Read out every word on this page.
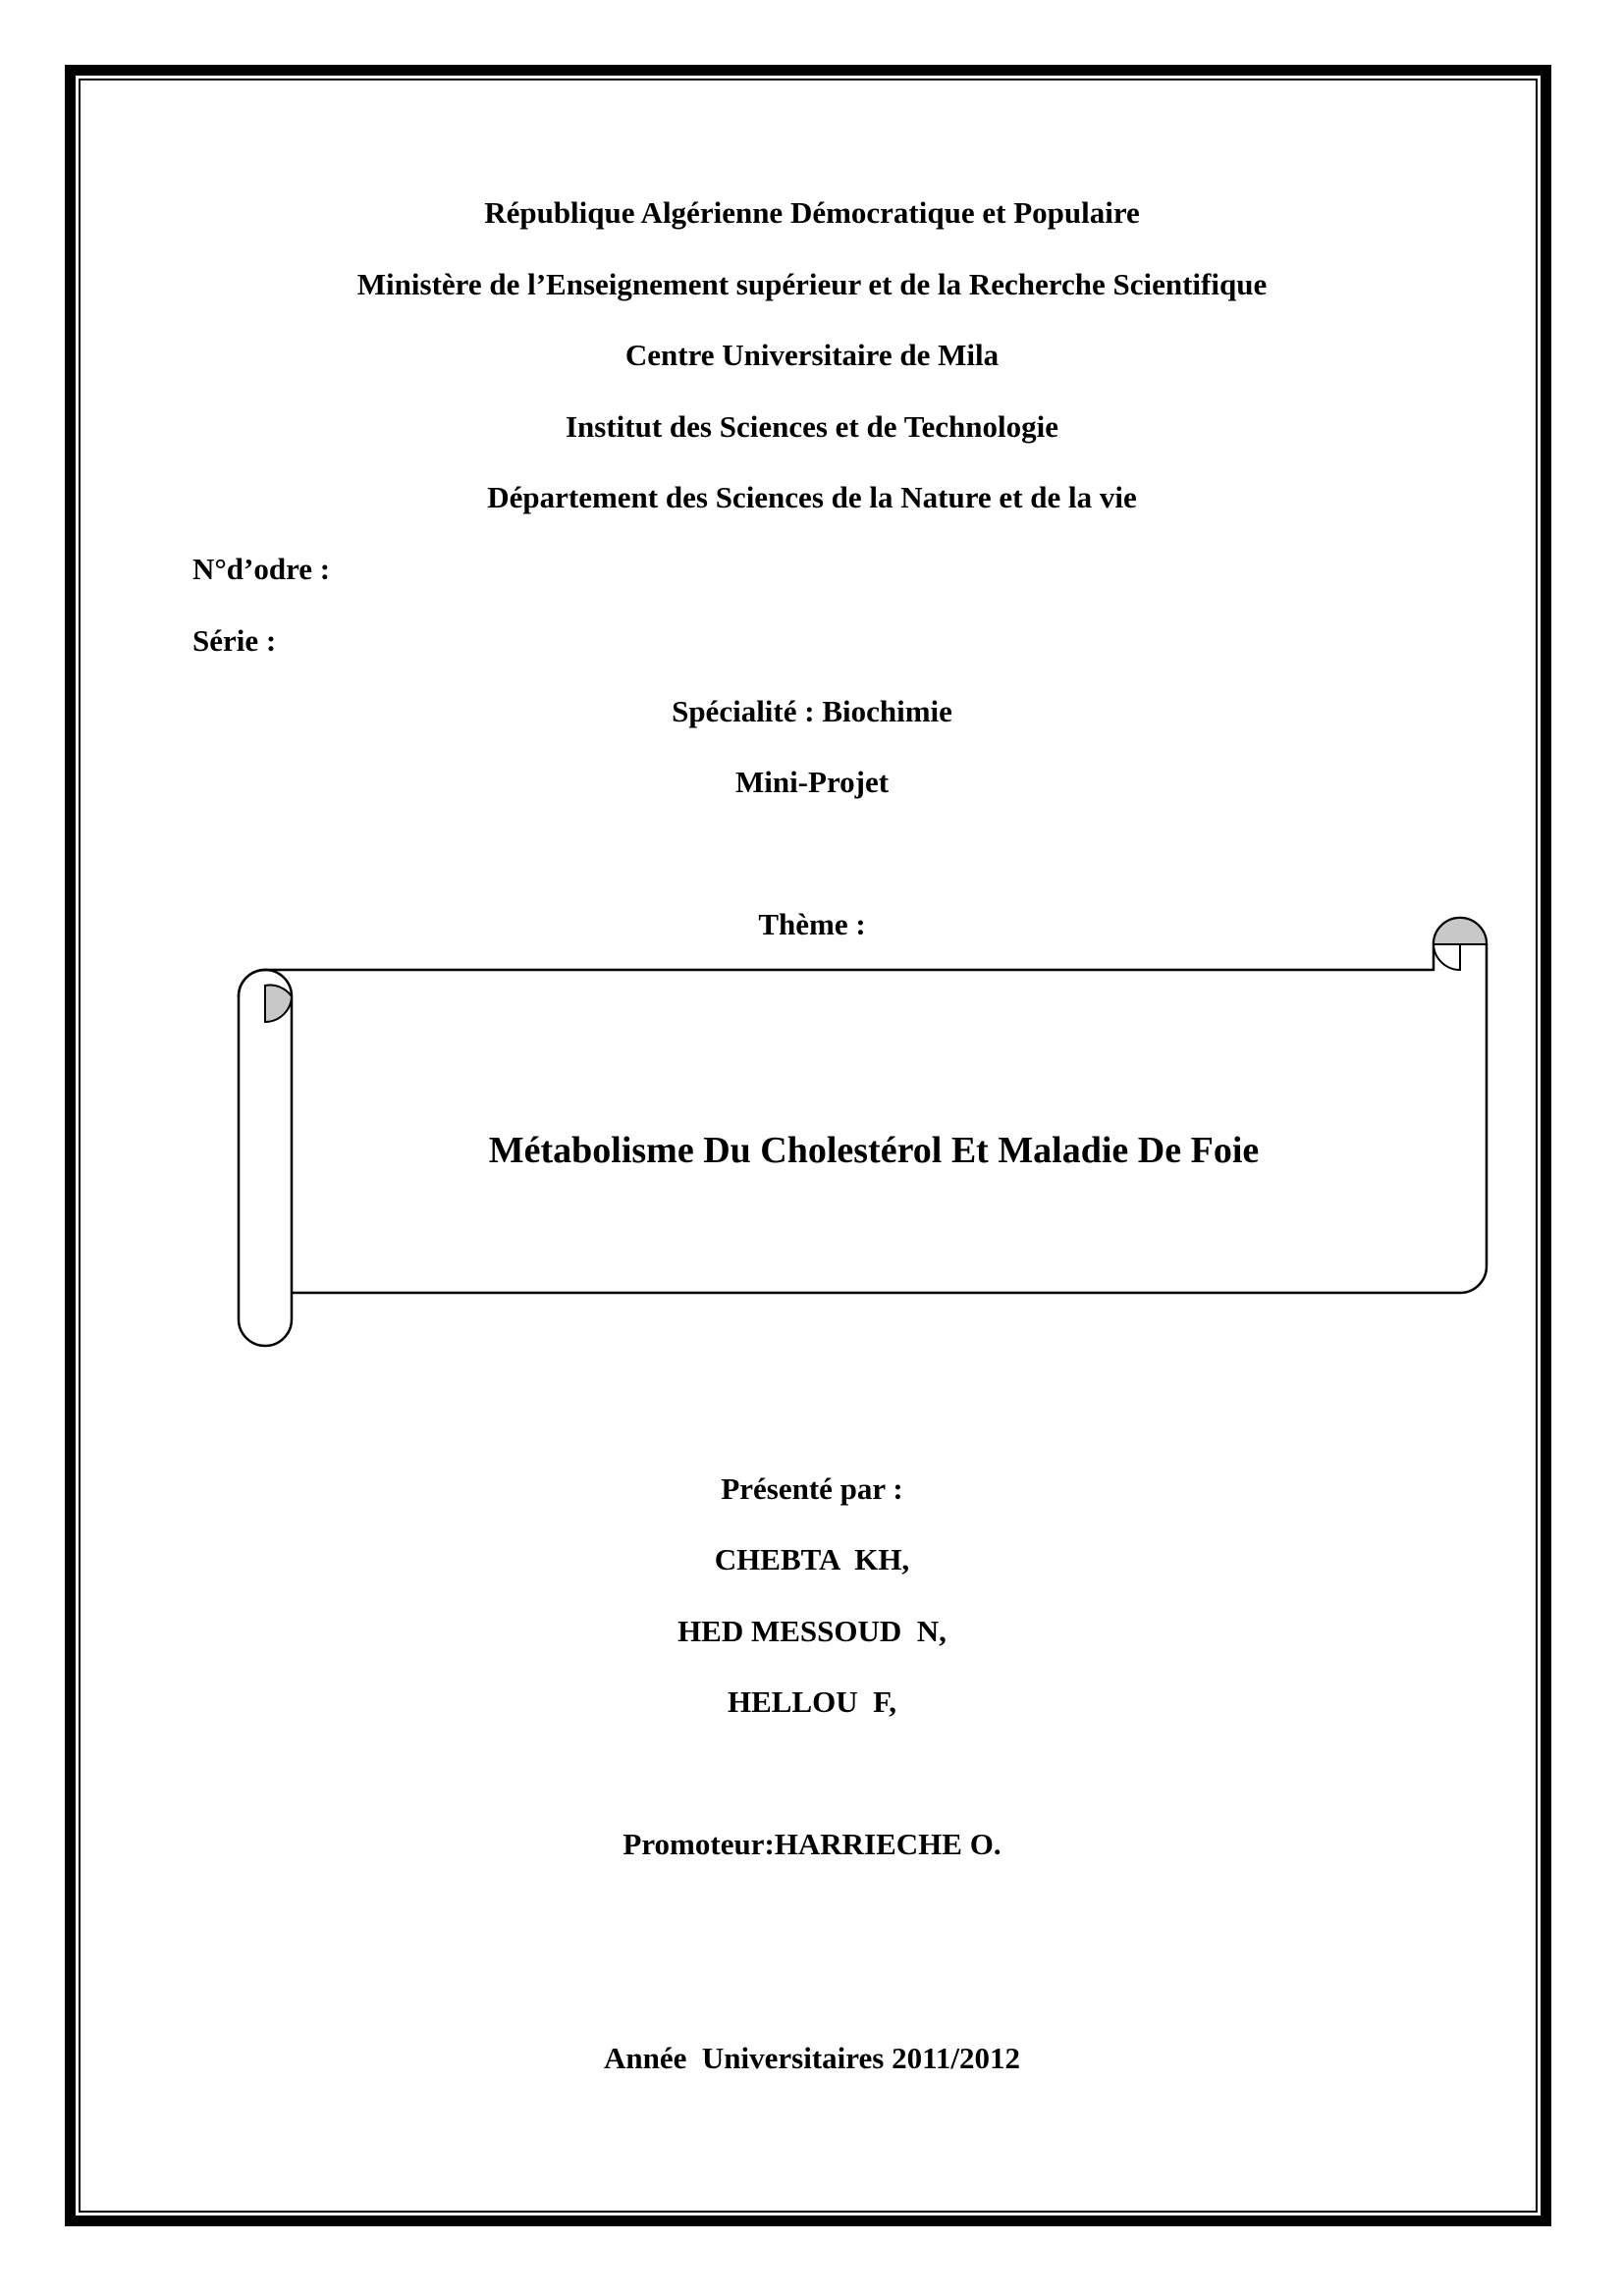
République Algérienne Démocratique et Populaire
Ministère de l’Enseignement supérieur et de la Recherche Scientifique
Centre Universitaire de Mila
Institut des Sciences et de Technologie
Département des Sciences de la Nature et de la vie
N°d’odre :
Série :
Spécialité : Biochimie
Mini-Projet
Thème :
Métabolisme Du Cholestérol Et Maladie De Foie
Présenté par :
CHEBTA  KH,
HED MESSOUD  N,
HELLOU  F,
Promoteur:HARRIECHE O.
Année  Universitaires 2011/2012
